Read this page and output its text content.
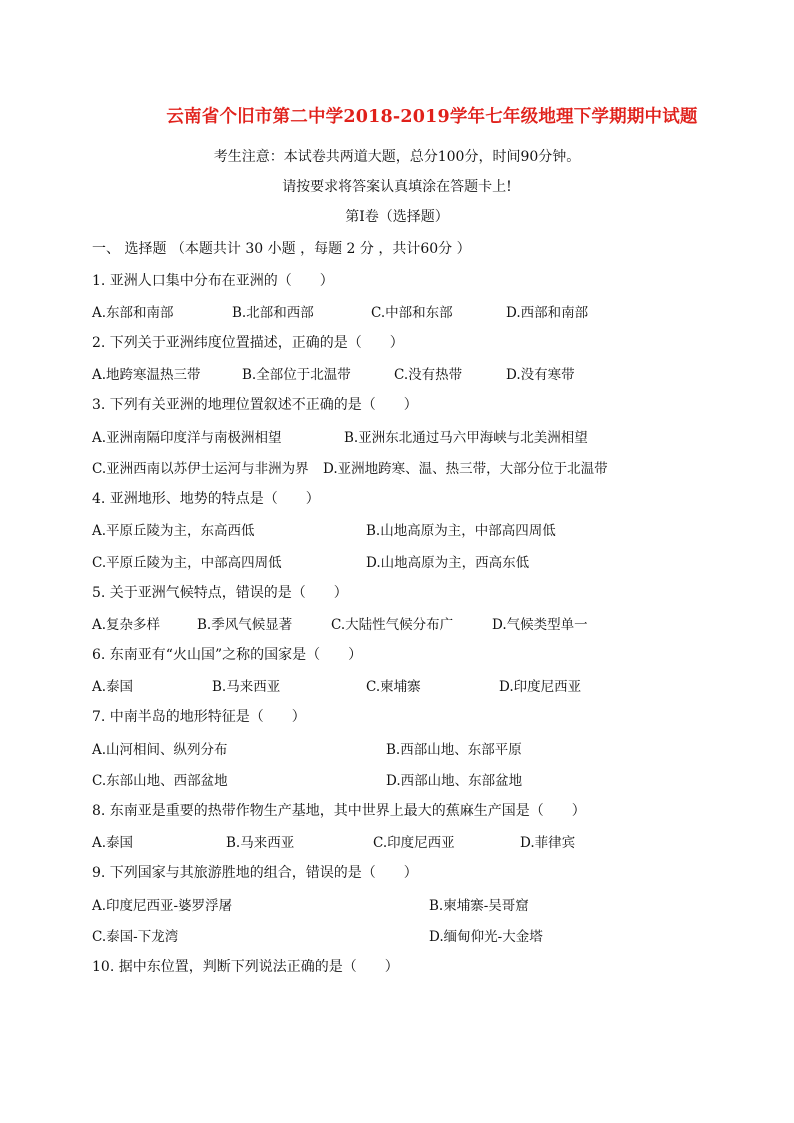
云南省个旧市第二中学2018-2019学年七年级地理下学期期中试题
考生注意：本试卷共两道大题，总分100分，时间90分钟。
请按要求将答案认真填涂在答题卡上!
第Ⅰ卷（选择题）
一、 选择题 （本题共计 30 小题 ，每题 2 分 ，共计60分 ）
1. 亚洲人口集中分布在亚洲的（　　）
A.东部和南部	B.北部和西部	C.中部和东部	D.西部和南部
2. 下列关于亚洲纬度位置描述，正确的是（　　）
A.地跨寒温热三带	B.全部位于北温带	C.没有热带	D.没有寒带
3. 下列有关亚洲的地理位置叙述不正确的是（　　）
A.亚洲南隔印度洋与南极洲相望	B.亚洲东北通过马六甲海峡与北美洲相望
C.亚洲西南以苏伊士运河与非洲为界 D.亚洲地跨寒、温、热三带，大部分位于北温带
4. 亚洲地形、地势的特点是（　　）
A.平原丘陵为主，东高西低	B.山地高原为主，中部高四周低
C.平原丘陵为主，中部高四周低	D.山地高原为主，西高东低
5. 关于亚洲气候特点，错误的是（　　）
A.复杂多样	B.季风气候显著	C.大陆性气候分布广	D.气候类型单一
6. 东南亚有“火山国”之称的国家是（　　）
A.泰国	B.马来西亚	C.柬埔寨	D.印度尼西亚
7. 中南半岛的地形特征是（　　）
A.山河相间、纵列分布	B.西部山地、东部平原
C.东部山地、西部盆地	D.西部山地、东部盆地
8. 东南亚是重要的热带作物生产基地，其中世界上最大的蕉麻生产国是（　　）
A.泰国	B.马来西亚	C.印度尼西亚	D.菲律宾
9. 下列国家与其旅游胜地的组合，错误的是（　　）
A.印度尼西亚-婆罗浮屠	B.柬埔寨-吴哥窟
C.泰国-下龙湾	D.缅甸仰光-大金塔
10. 据中东位置，判断下列说法正确的是（　　）
